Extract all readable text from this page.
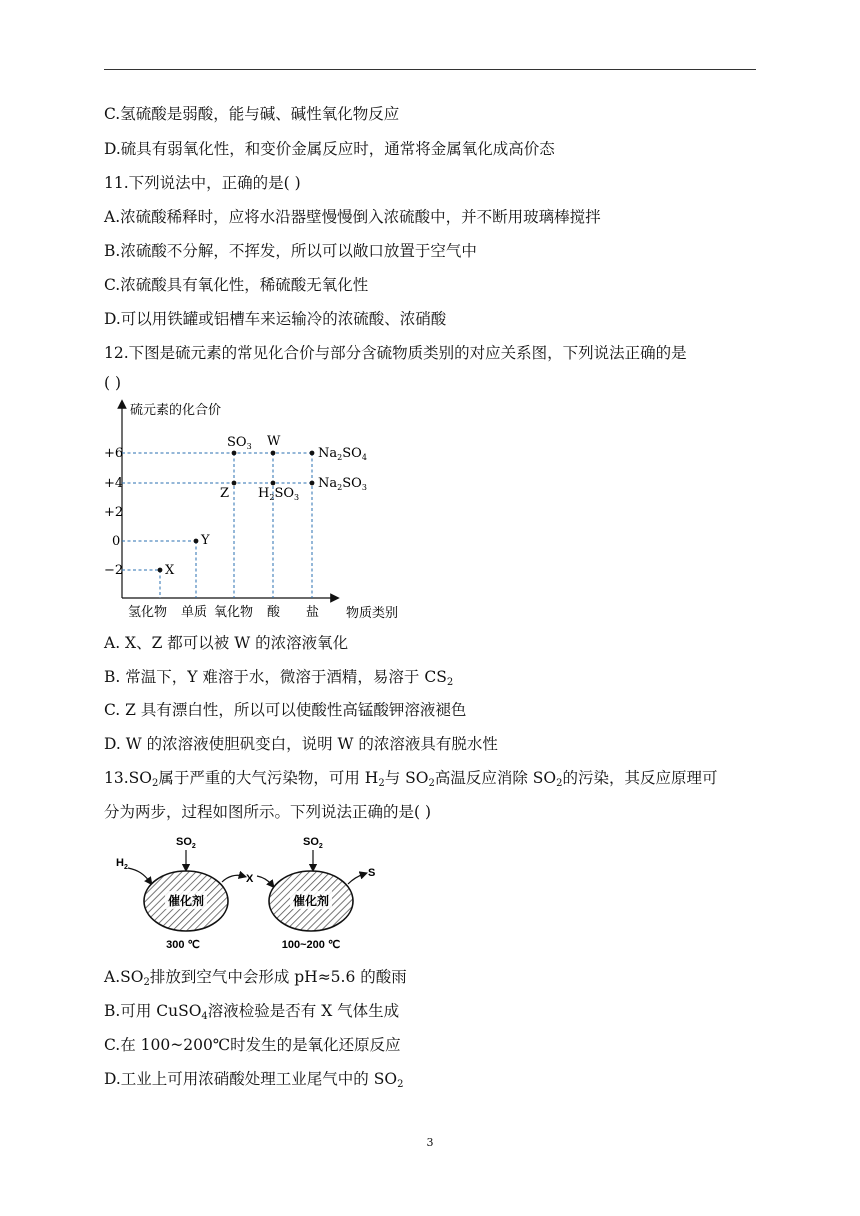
C.氢硫酸是弱酸，能与碱、碱性氧化物反应
D.硫具有弱氧化性，和变价金属反应时，通常将金属氧化成高价态
11.下列说法中，正确的是( )
A.浓硫酸稀释时，应将水沿器壁慢慢倒入浓硫酸中，并不断用玻璃棒搅拌
B.浓硫酸不分解，不挥发，所以可以敞口放置于空气中
C.浓硫酸具有氧化性，稀硫酸无氧化性
D.可以用铁罐或铝槽车来运输冷的浓硫酸、浓硝酸
12.下图是硫元素的常见化合价与部分含硫物质类别的对应关系图，下列说法正确的是
( )
硫元素的化合价
物质类别
+6
+4
+2
0
−2	X
Y
Z
W
$SO_3$
$H_2SO_3$
$Na_2SO_4$
$Na_2SO_3$
氢化物 单质 氧化物 酸 盐
A. X、Z 都可以被 W 的浓溶液氧化
B. 常温下，Y 难溶于水，微溶于酒精，易溶于 $CS_2$
C. Z 具有漂白性，所以可以使酸性高锰酸钾溶液褪色
D. W 的浓溶液使胆矾变白，说明 W 的浓溶液具有脱水性
$13.SO_2$属于严重的大气污染物，可用 $H_2$与 $SO_2$高温反应消除 $SO_2$的污染，其反应原理可
分为两步，过程如图所示。下列说法正确的是( )
$H_2$
$SO_2$	$SO_2$
X	S
催化剂	催化剂
300 ℃	100~200 ℃
$A.SO_2$排放到空气中会形成 pH≈5.6 的酸雨
B.可用 CuSO$_4$溶液检验是否有 X 气体生成
C.在 100~200℃时发生的是氧化还原反应
D.工业上可用浓硝酸处理工业尾气中的 $SO_2$
3
